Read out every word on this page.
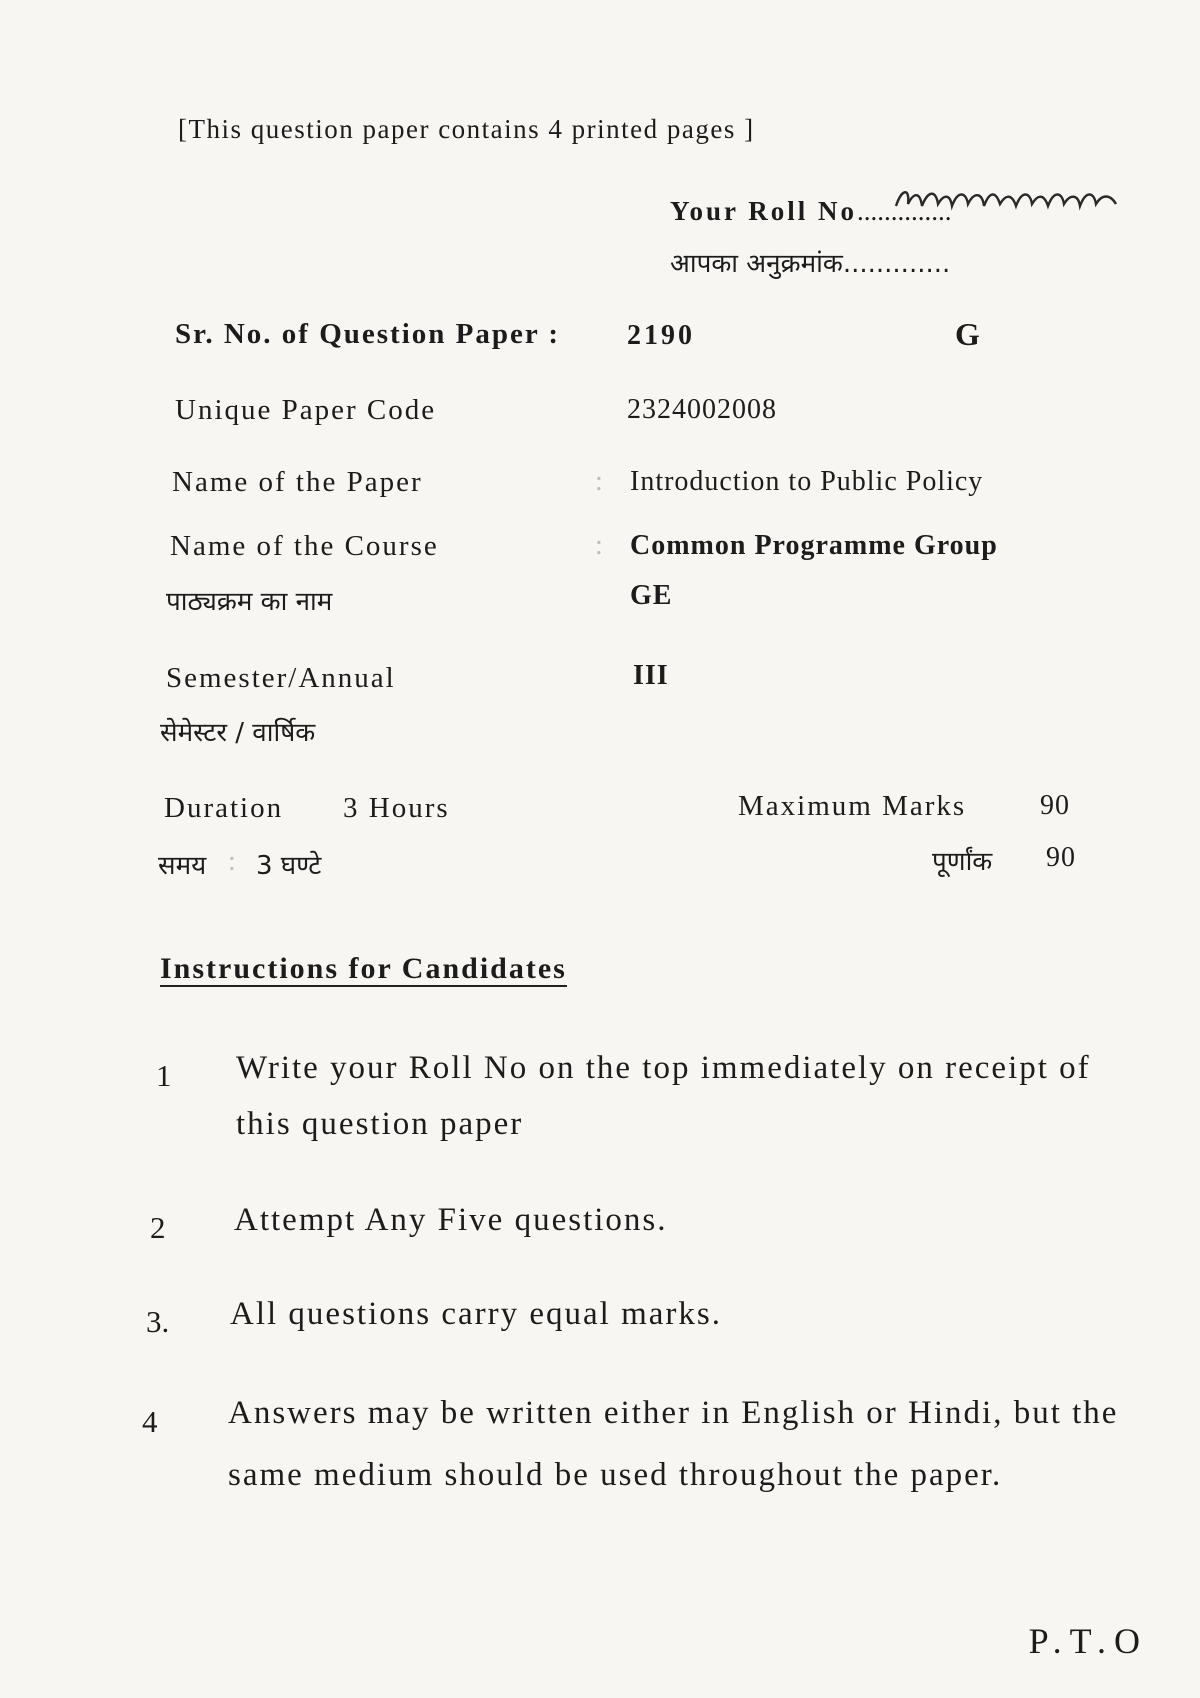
[This question paper contains 4 printed pages ]
Your Roll No..............
आपका अनुक्रमांक.............
Sr. No. of Question Paper : 2190	G
Unique Paper Code	2324002008
Name of the Paper	: Introduction to Public Policy
Name of the Course	: Common Programme Group
पाठ्यक्रम का नाम	GE
Semester/Annual	III
सेमेस्टर / वार्षिक
Duration 3 Hours
समय : 3 घण्टे
Maximum Marks	90
पूर्णांक 90
Instructions for Candidates
1 Write your Roll No on the top immediately on receipt of this question paper
2 Attempt Any Five questions.
3. All questions carry equal marks.
4 Answers may be written either in English or Hindi, but the same medium should be used throughout the paper.
P.T.O
